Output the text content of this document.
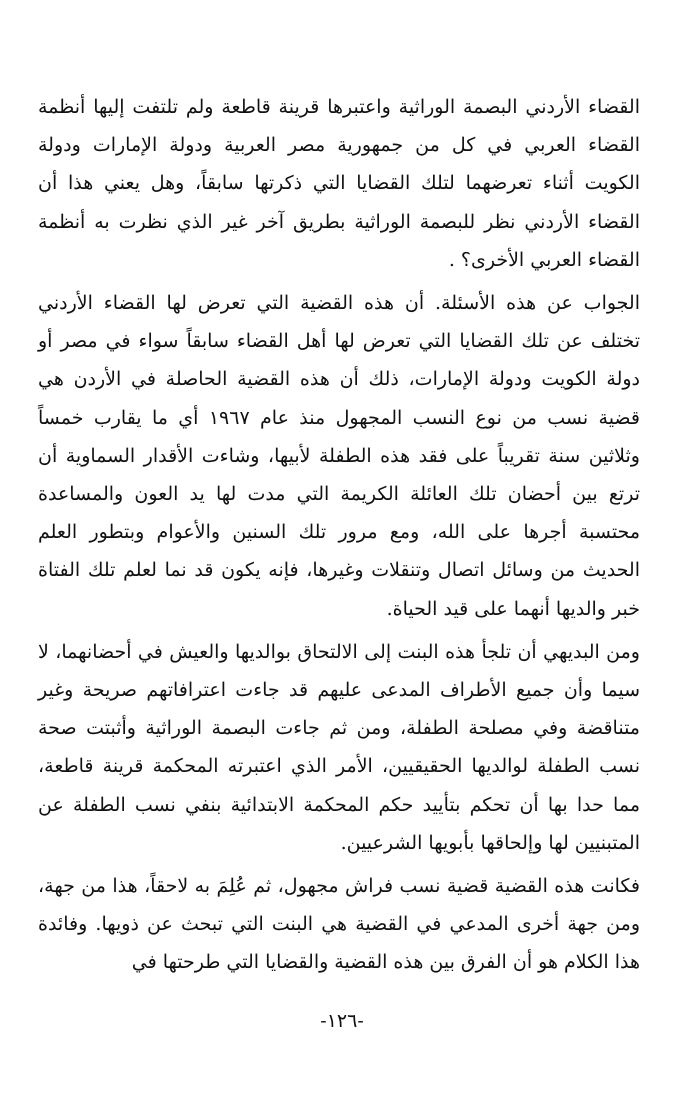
القضاء الأردني البصمة الوراثية واعتبرها قرينة قاطعة ولم تلتفت إليها أنظمة القضاء العربي في كل من جمهورية مصر العربية ودولة الإمارات ودولة الكويت أثناء تعرضهما لتلك القضايا التي ذكرتها سابقاً، وهل يعني هذا أن القضاء الأردني نظر للبصمة الوراثية بطريق آخر غير الذي نظرت به أنظمة القضاء العربي الأخرى؟ .

الجواب عن هذه الأسئلة. أن هذه القضية التي تعرض لها القضاء الأردني تختلف عن تلك القضايا التي تعرض لها أهل القضاء سابقاً سواء في مصر أو دولة الكويت ودولة الإمارات، ذلك أن هذه القضية الحاصلة في الأردن هي قضية نسب من نوع النسب المجهول منذ عام ١٩٦٧ أي ما يقارب خمساً وثلاثين سنة تقريباً على فقد هذه الطفلة لأبيها، وشاءت الأقدار السماوية أن ترتع بين أحضان تلك العائلة الكريمة التي مدت لها يد العون والمساعدة محتسبة أجرها على الله، ومع مرور تلك السنين والأعوام وبتطور العلم الحديث من وسائل اتصال وتنقلات وغيرها، فإنه يكون قد نما لعلم تلك الفتاة خبر والديها أنهما على قيد الحياة.

ومن البديهي أن تلجأ هذه البنت إلى الالتحاق بوالديها والعيش في أحضانهما، لا سيما وأن جميع الأطراف المدعى عليهم قد جاءت اعترافاتهم صريحة وغير متناقضة وفي مصلحة الطفلة، ومن ثم جاءت البصمة الوراثية وأثبتت صحة نسب الطفلة لوالديها الحقيقيين، الأمر الذي اعتبرته المحكمة قرينة قاطعة، مما حدا بها أن تحكم بتأييد حكم المحكمة الابتدائية بنفي نسب الطفلة عن المتبنيين لها وإلحاقها بأبويها الشرعيين.

فكانت هذه القضية قضية نسب فراش مجهول، ثم عُلِمَ به لاحقاً، هذا من جهة، ومن جهة أخرى المدعي في القضية هي البنت التي تبحث عن ذويها. وفائدة هذا الكلام هو أن الفرق بين هذه القضية والقضايا التي طرحتها في

-١٢٦-
